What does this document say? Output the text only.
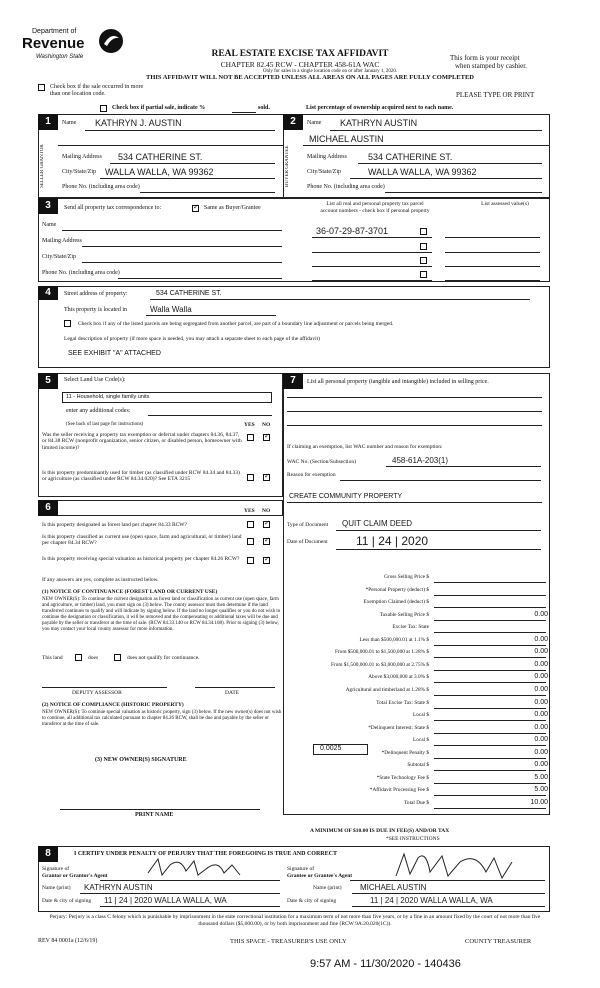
Department of
Revenue
Washington State	REAL ESTATE EXCISE TAX AFFIDAVIT
CHAPTER 82.45 RCW - CHAPTER 458-61A WAC
Only for sales in a single location code on or after January 1, 2020.
This form is your receipt
when stamped by cashier.
THIS AFFIDAVIT WILL NOT BE ACCEPTED UNLESS ALL AREAS ON ALL PAGES ARE FULLY COMPLETED
Check box if the sale occurred in more than one location code.	PLEASE TYPE OR PRINT
Check box if partial sale, indicate %	sold.	List percentage of ownership acquired next to each name.
1
SELLER GRANTOR
Name KATHRYN J. AUSTIN
Mailing Address 534 CATHERINE ST.
City/State/Zip WALLA WALLA, WA 99362
Phone No. (including area code)
2
BUYER GRANTEE
Name KATHRYN AUSTIN
MICHAEL AUSTIN
Mailing Address 534 CATHERINE ST.
City/State/Zip	WALLA WALLA, WA 99362
Phone No. (including area code)
3	Send all property tax correspondence to:
✓	Same as Buyer/Grantee
Name
Mailing Address
City/State/Zip
Phone No. (including area code)
List all real and personal property tax parcel
account numbers - check box if personal property
List assessed value(s)
36-07-29-87-3701
4	Street address of property:	534 CATHERINE ST.
This property is located in	Walla Walla
Check box if any of the listed parcels are being segregated from another parcel, are part of a boundary line adjustment or parcels being merged.
Legal description of property (if more space is needed, you may attach a separate sheet to each page of the affidavit)
SEE EXHIBIT "A" ATTACHED
5	Select Land Use Code(s):
11 - Household, single family units
enter any additional codes:
(See back of last page for instructions)	YES NO
Was the seller receiving a property tax exemption or deferral under chapters 84.36, 84.37, or 84.38 RCW (nonprofit organization, senior citizen, or disabled person, homeowner with limited income)?
✓
Is this property predominantly used for timber (as classified under RCW 84.34 and 84.33) or agriculture (as classified under RCW 84.34.020)? See ETA 3215
✓
6	YES NO
Is this property designated as forest land per chapter 84.33 RCW?
✓
Is this property classified as current use (open space, farm and agricultural, or timber) land per chapter 84.34 RCW?
✓
Is this property receiving special valuation as historical property per chapter 84.26 RCW?
✓
If any answers are yes, complete as instructed below.
(1) NOTICE OF CONTINUANCE (FOREST LAND OR CURRENT USE)
NEW OWNER(S): To continue the current designation as forest land or classification as current use (open space, farm and agriculture, or timber) land, you must sign on (3) below. The county assessor must then determine if the land transferred continues to qualify and will indicate by signing below. If the land no longer qualifies or you do not wish to continue the designation or classification, it will be removed and the compensating or additional taxes will be due and payable by the seller or transferor at the time of sale. (RCW 84.33.140 or RCW 84.34.108). Prior to signing (3) below, you may contact your local county assessor for more information.
This land	does	does not qualify for continuance.
DEPUTY ASSESSOR	DATE
(2) NOTICE OF COMPLIANCE (HISTORIC PROPERTY)
NEW OWNER(S): To continue special valuation as historic property, sign (3) below. If the new owner(s) does not wish to continue, all additional tax calculated pursuant to chapter 84.26 RCW, shall be due and payable by the seller or transferor at the time of sale.
(3) NEW OWNER(S) SIGNATURE
PRINT NAME
7	List all personal property (tangible and intangible) included in selling price.
If claiming an exemption, list WAC number and reason for exemption:
WAC No. (Section/Subsection)	458-61A-203(1)
Reason for exemption
CREATE COMMUNITY PROPERTY
Type of Document QUIT CLAIM DEED
Date of Document 11 | 24 | 2020
Gross Selling Price $
*Personal Property (deduct) $
Exemption Claimed (deduct) $
Taxable Selling Price $	0.00
Excise Tax: State
Less than $500,000.01 at 1.1% $	0.00
From $500,000.01 to $1,500,000 at 1.28% $	0.00
From $1,500,000.01 to $3,000,000 at 2.75% $	0.00
Above $3,000,000 at 3.0% $	0.00
Agricultural and timberland at 1.28% $	0.00
Total Excise Tax: State $	0.00
Local $	0.00
*Delinquent Interest: State $	0.00
Local $	0.00
*Delinquent Penalty $	0.00
Subtotal $	0.00
*State Technology Fee $	5.00
*Affidavit Processing Fee $	5.00
Total Due $	10.00
0.0025
A MINIMUM OF $10.00 IS DUE IN FEE(S) AND/OR TAX
*SEE INSTRUCTIONS
8	I CERTIFY UNDER PENALTY OF PERJURY THAT THE FOREGOING IS TRUE AND CORRECT
Signature of
Grantor or Grantor's Agent
Name (print) KATHRYN AUSTIN
Date & city of signing 11 | 24 | 2020 WALLA WALLA, WA
Signature of
Grantee or Grantee's Agent
Name (print) MICHAEL AUSTIN
Date & city of signing	11 | 24 | 2020 WALLA WALLA, WA
Perjury: Perjury is a class C felony which is punishable by imprisonment in the state correctional institution for a maximum term of not more than five years, or by a fine in an amount fixed by the court of not more than five thousand dollars ($5,000.00), or by both imprisonment and fine (RCW 9A.20.020(1C)).
REV 84 0001a (12/6/19)	THIS SPACE - TREASURER'S USE ONLY	COUNTY TREASURER
9:57 AM - 11/30/2020 - 140436
